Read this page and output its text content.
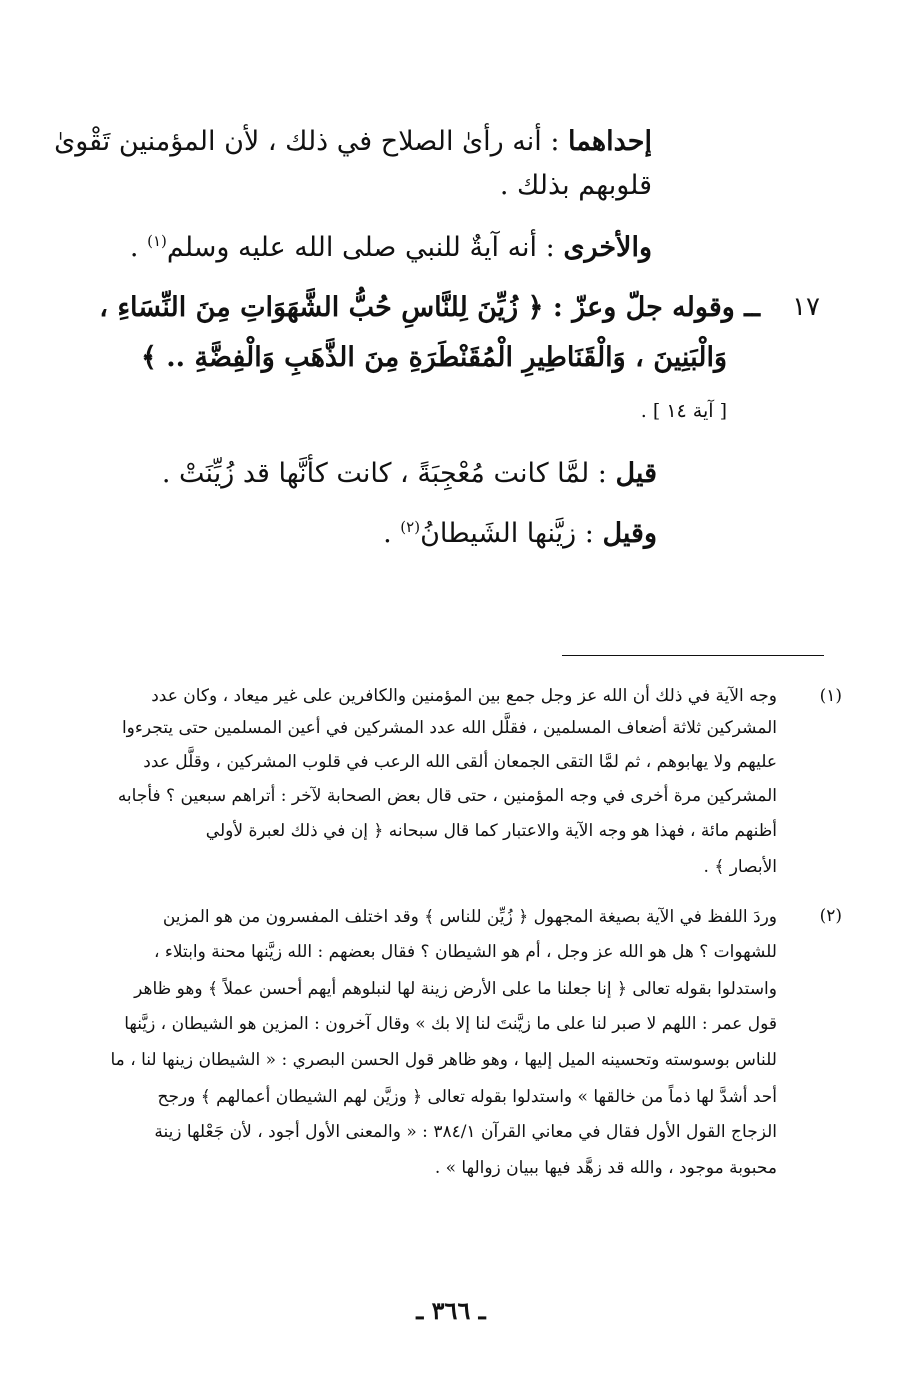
إحداهما : أنه رأىٰ الصلاح في ذلك ، لأن المؤمنين تَقْوىٰ
قلوبهم بذلك .
والأخرى : أنه آيةٌ للنبي صلى الله عليه وسلم$^{(١)}$ .
١٧
ــ وقوله جلّ وعزّ : ﴿ زُيِّنَ لِلنَّاسِ حُبُّ الشَّهَوَاتِ مِنَ النِّسَاءِ ،
وَالْبَنِينَ ، وَالْقَنَاطِيرِ الْمُقَنْطَرَةِ مِنَ الذَّهَبِ وَالْفِضَّةِ .. ﴾
[ آية ١٤ ] .
قيل : لمَّا كانت مُعْجِبَةً ، كانت كأنَّها قد زُيِّنَتْ .
وقيل : زيَّنها الشَيطانُ$^{(٢)}$ .
(١)
وجه الآية في ذلك أن الله عز وجل جمع بين المؤمنين والكافرين على غير ميعاد ، وكان عدد
المشركين ثلاثة أضعاف المسلمين ، فقلَّل الله عدد المشركين في أعين المسلمين حتى يتجرءوا
عليهم ولا يهابوهم ، ثم لمَّا التقى الجمعان ألقى الله الرعب في قلوب المشركين ، وقلَّل عدد
المشركين مرة أخرى في وجه المؤمنين ، حتى قال بعض الصحابة لآخر : أتراهم سبعين ؟ فأجابه
أظنهم مائة ، فهذا هو وجه الآية والاعتبار كما قال سبحانه ﴿ إن في ذلك لعبرة لأولي
الأبصار ﴾ .
(٢)
وردَ اللفظ في الآية بصيغة المجهول ﴿ زُيِّن للناس ﴾ وقد اختلف المفسرون من هو المزين
للشهوات ؟ هل هو الله عز وجل ، أم هو الشيطان ؟ فقال بعضهم : الله زيَّنها محنة وابتلاء ،
واستدلوا بقوله تعالى ﴿ إنا جعلنا ما على الأرض زينة لها لنبلوهم أيهم أحسن عملاً ﴾ وهو ظاهر
قول عمر : اللهم لا صبر لنا على ما زيَّنتَ لنا إلا بك » وقال آخرون : المزين هو الشيطان ، زيَّنها
للناس بوسوسته وتحسينه الميل إليها ، وهو ظاهر قول الحسن البصري : « الشيطان زينها لنا ، ما
أحد أشدَّ لها ذماً من خالقها » واستدلوا بقوله تعالى ﴿ وزيَّن لهم الشيطان أعمالهم ﴾ ورجح
الزجاج القول الأول فقال في معاني القرآن ٣٨٤/١ : « والمعنى الأول أجود ، لأن جَعْلها زينة
محبوبة موجود ، والله قد زهَّد فيها ببيان زوالها » .
ـ ٣٦٦ ـ
